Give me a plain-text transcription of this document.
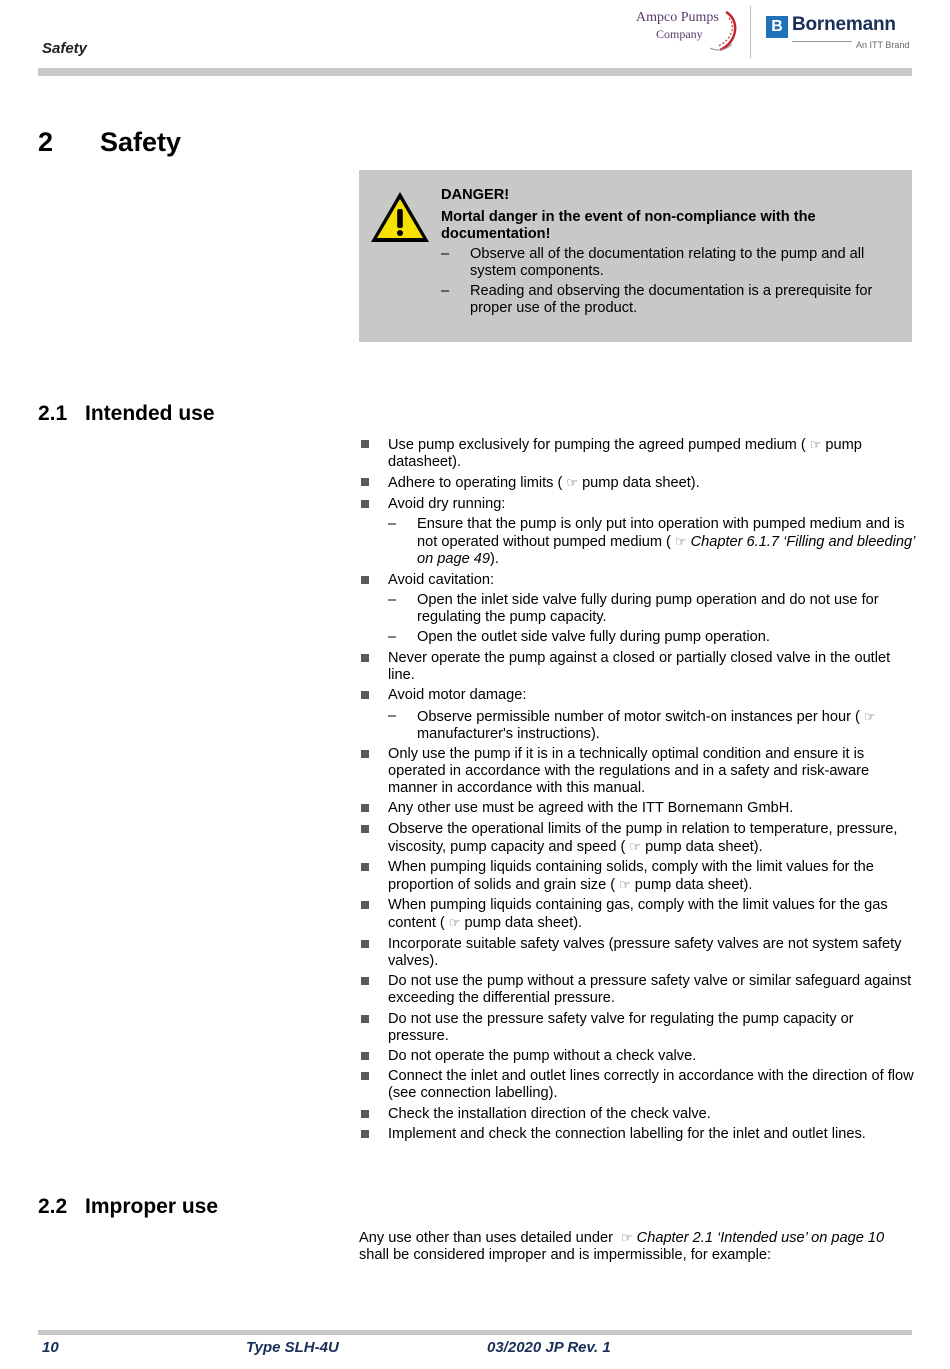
Safety
Ampco Pumps
Company	B Bornemann
An ITT Brand
2 Safety
DANGER!
Mortal danger in the event of non-compliance with the documentation!
– Observe all of the documentation relating to the pump and all system components.
– Reading and observing the documentation is a prerequisite for proper use of the product.
2.1 Intended use
Use pump exclusively for pumping the agreed pumped medium ( ☞ pump datasheet).
Adhere to operating limits ( ☞ pump data sheet).
Avoid dry running:
– Ensure that the pump is only put into operation with pumped medium and is not operated without pumped medium ( ☞ Chapter 6.1.7 ‘Filling and bleeding’ on page 49).
Avoid cavitation:
– Open the inlet side valve fully during pump operation and do not use for regulating the pump capacity.
– Open the outlet side valve fully during pump operation.
Never operate the pump against a closed or partially closed valve in the outlet line.
Avoid motor damage:
– Observe permissible number of motor switch-on instances per hour ( ☞manufacturer's instructions).
Only use the pump if it is in a technically optimal condition and ensure it is operated in accordance with the regulations and in a safety and risk-aware manner in accordance with this manual.
Any other use must be agreed with the ITT Bornemann GmbH.
Observe the operational limits of the pump in relation to temperature, pressure, viscosity, pump capacity and speed ( ☞ pump data sheet).
When pumping liquids containing solids, comply with the limit values for the proportion of solids and grain size ( ☞ pump data sheet).
When pumping liquids containing gas, comply with the limit values for the gas content ( ☞ pump data sheet).
Incorporate suitable safety valves (pressure safety valves are not system safety valves).
Do not use the pump without a pressure safety valve or similar safeguard against exceeding the differential pressure.
Do not use the pressure safety valve for regulating the pump capacity or pressure.
Do not operate the pump without a check valve.
Connect the inlet and outlet lines correctly in accordance with the direction of flow (see connection labelling).
Check the installation direction of the check valve.
Implement and check the connection labelling for the inlet and outlet lines.
2.2 Improper use
Any use other than uses detailed under ☞ Chapter 2.1 ‘Intended use’ on page 10 shall be considered improper and is impermissible, for example:
10	Type SLH-4U	03/2020 JP Rev. 1
